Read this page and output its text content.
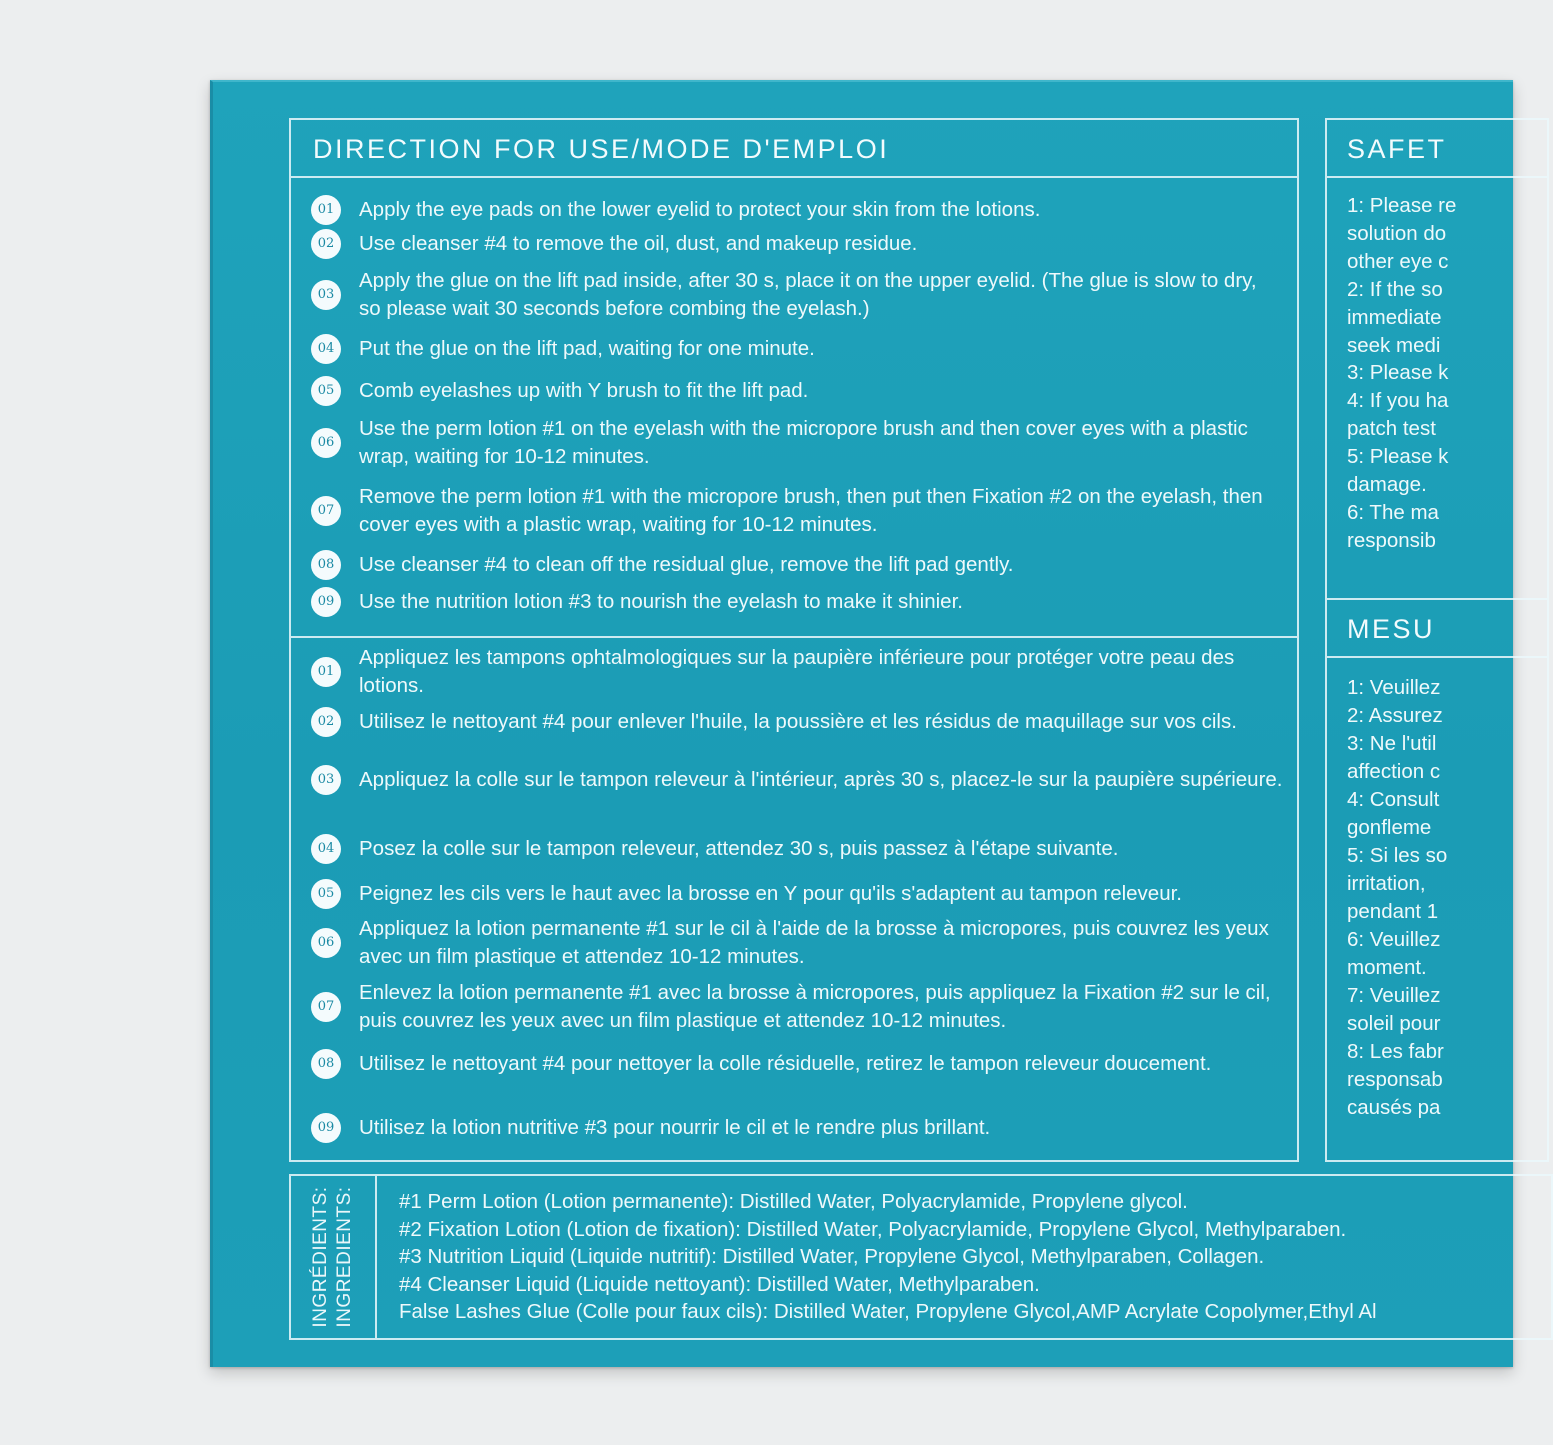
DIRECTION FOR USE/MODE D'EMPLOI
01	Apply the eye pads on the lower eyelid to protect your skin from the lotions.
02	Use cleanser #4 to remove the oil, dust, and makeup residue.
03
Apply the glue on the lift pad inside, after 30 s, place it on the upper eyelid. (The glue is slow to dry, so please wait 30 seconds before combing the eyelash.)
04	Put the glue on the lift pad, waiting for one minute.
05	Comb eyelashes up with Y brush to fit the lift pad.
06
Use the perm lotion #1 on the eyelash with the micropore brush and then cover eyes with a plastic wrap, waiting for 10-12 minutes.
07
Remove the perm lotion #1 with the micropore brush, then put then Fixation #2 on the eyelash, then cover eyes with a plastic wrap, waiting for 10-12 minutes.
08	Use cleanser #4 to clean off the residual glue, remove the lift pad gently.
09	Use the nutrition lotion #3 to nourish the eyelash to make it shinier.
01
Appliquez les tampons ophtalmologiques sur la paupière inférieure pour protéger votre peau des lotions.
02	Utilisez le nettoyant #4 pour enlever l'huile, la poussière et les résidus de maquillage sur vos cils.
03	Appliquez la colle sur le tampon releveur à l'intérieur, après 30 s, placez-le sur la paupière supérieure.
04	Posez la colle sur le tampon releveur, attendez 30 s, puis passez à l'étape suivante.
05	Peignez les cils vers le haut avec la brosse en Y pour qu'ils s'adaptent au tampon releveur.
06
Appliquez la lotion permanente #1 sur le cil à l'aide de la brosse à micropores, puis couvrez les yeux avec un film plastique et attendez 10-12 minutes.
07
Enlevez la lotion permanente #1 avec la brosse à micropores, puis appliquez la Fixation #2 sur le cil, puis couvrez les yeux avec un film plastique et attendez 10-12 minutes.
08	Utilisez le nettoyant #4 pour nettoyer la colle résiduelle, retirez le tampon releveur doucement.
09	Utilisez la lotion nutritive #3 pour nourrir le cil et le rendre plus brillant.
SAFET
1: Please re
solution do
other eye c
2: If the so
immediate
seek medi
3: Please k
4: If you ha
patch test
5: Please k
damage.
6: The ma
responsib
MESU
1: Veuillez
2: Assurez
3: Ne l'util
affection c
4: Consult
gonfleme
5: Si les so
irritation,
pendant 1
6: Veuillez
moment.
7: Veuillez
soleil pour
8: Les fabr
responsab
causés pa
INGRÉDIENTS: INGREDIENTS: #1 Perm Lotion (Lotion permanente): Distilled Water, Polyacrylamide, Propylene glycol.
#2 Fixation Lotion (Lotion de fixation): Distilled Water, Polyacrylamide, Propylene Glycol, Methylparaben.
#3 Nutrition Liquid (Liquide nutritif): Distilled Water, Propylene Glycol, Methylparaben, Collagen.
#4 Cleanser Liquid (Liquide nettoyant): Distilled Water, Methylparaben.
False Lashes Glue (Colle pour faux cils): Distilled Water, Propylene Glycol,AMP Acrylate Copolymer,Ethyl Al
